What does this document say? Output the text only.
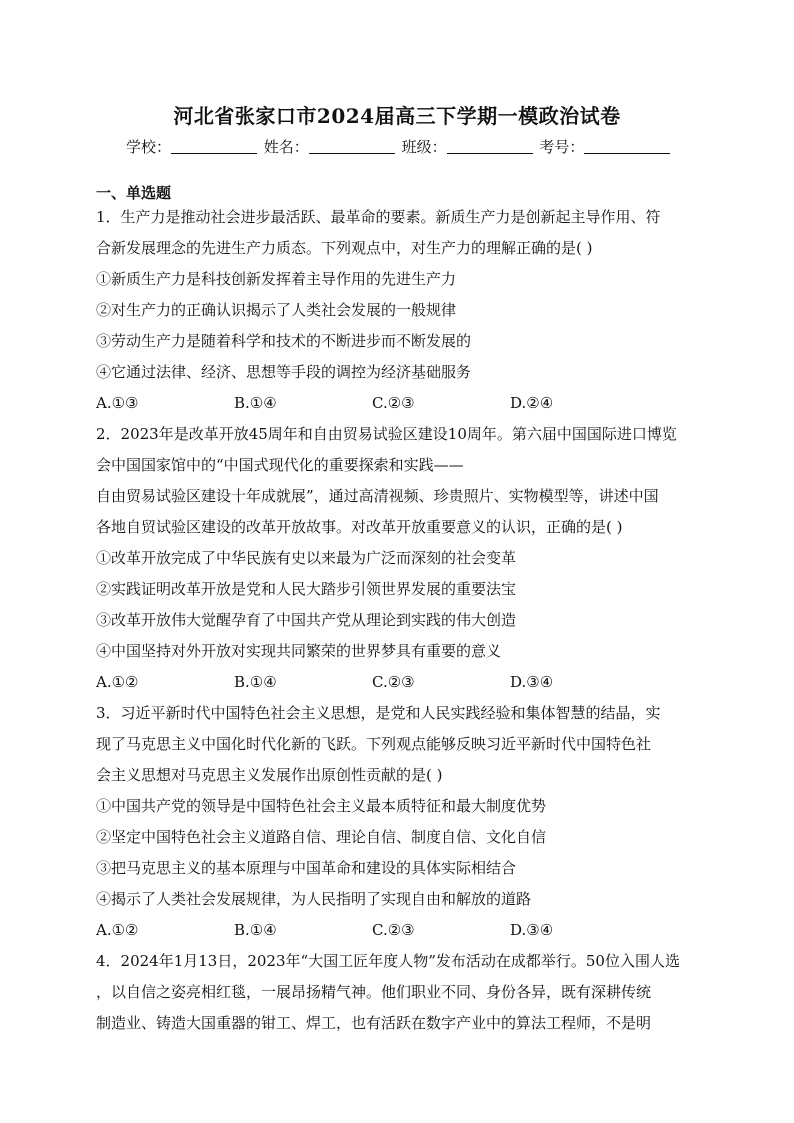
河北省张家口市2024届高三下学期一模政治试卷
学校：	姓名：	班级：	考号：
一、单选题
1．生产力是推动社会进步最活跃、最革命的要素。新质生产力是创新起主导作用、符
合新发展理念的先进生产力质态。下列观点中，对生产力的理解正确的是( )
①新质生产力是科技创新发挥着主导作用的先进生产力
②对生产力的正确认识揭示了人类社会发展的一般规律
③劳动生产力是随着科学和技术的不断进步而不断发展的
④它通过法律、经济、思想等手段的调控为经济基础服务
A.①③	B.①④	C.②③	D.②④
2．2023年是改革开放45周年和自由贸易试验区建设10周年。第六届中国国际进口博览
会中国国家馆中的“中国式现代化的重要探索和实践——
自由贸易试验区建设十年成就展”，通过高清视频、珍贵照片、实物模型等，讲述中国
各地自贸试验区建设的改革开放故事。对改革开放重要意义的认识，正确的是( )
①改革开放完成了中华民族有史以来最为广泛而深刻的社会变革
②实践证明改革开放是党和人民大踏步引领世界发展的重要法宝
③改革开放伟大觉醒孕育了中国共产党从理论到实践的伟大创造
④中国坚持对外开放对实现共同繁荣的世界梦具有重要的意义
A.①②	B.①④	C.②③	D.③④
3．习近平新时代中国特色社会主义思想，是党和人民实践经验和集体智慧的结晶，实
现了马克思主义中国化时代化新的飞跃。下列观点能够反映习近平新时代中国特色社
会主义思想对马克思主义发展作出原创性贡献的是( )
①中国共产党的领导是中国特色社会主义最本质特征和最大制度优势
②坚定中国特色社会主义道路自信、理论自信、制度自信、文化自信
③把马克思主义的基本原理与中国革命和建设的具体实际相结合
④揭示了人类社会发展规律，为人民指明了实现自由和解放的道路
A.①②	B.①④	C.②③	D.③④
4．2024年1月13日，2023年“大国工匠年度人物”发布活动在成都举行。50位入围人选
，以自信之姿亮相红毯，一展昂扬精气神。他们职业不同、身份各异，既有深耕传统
制造业、铸造大国重器的钳工、焊工，也有活跃在数字产业中的算法工程师，不是明
